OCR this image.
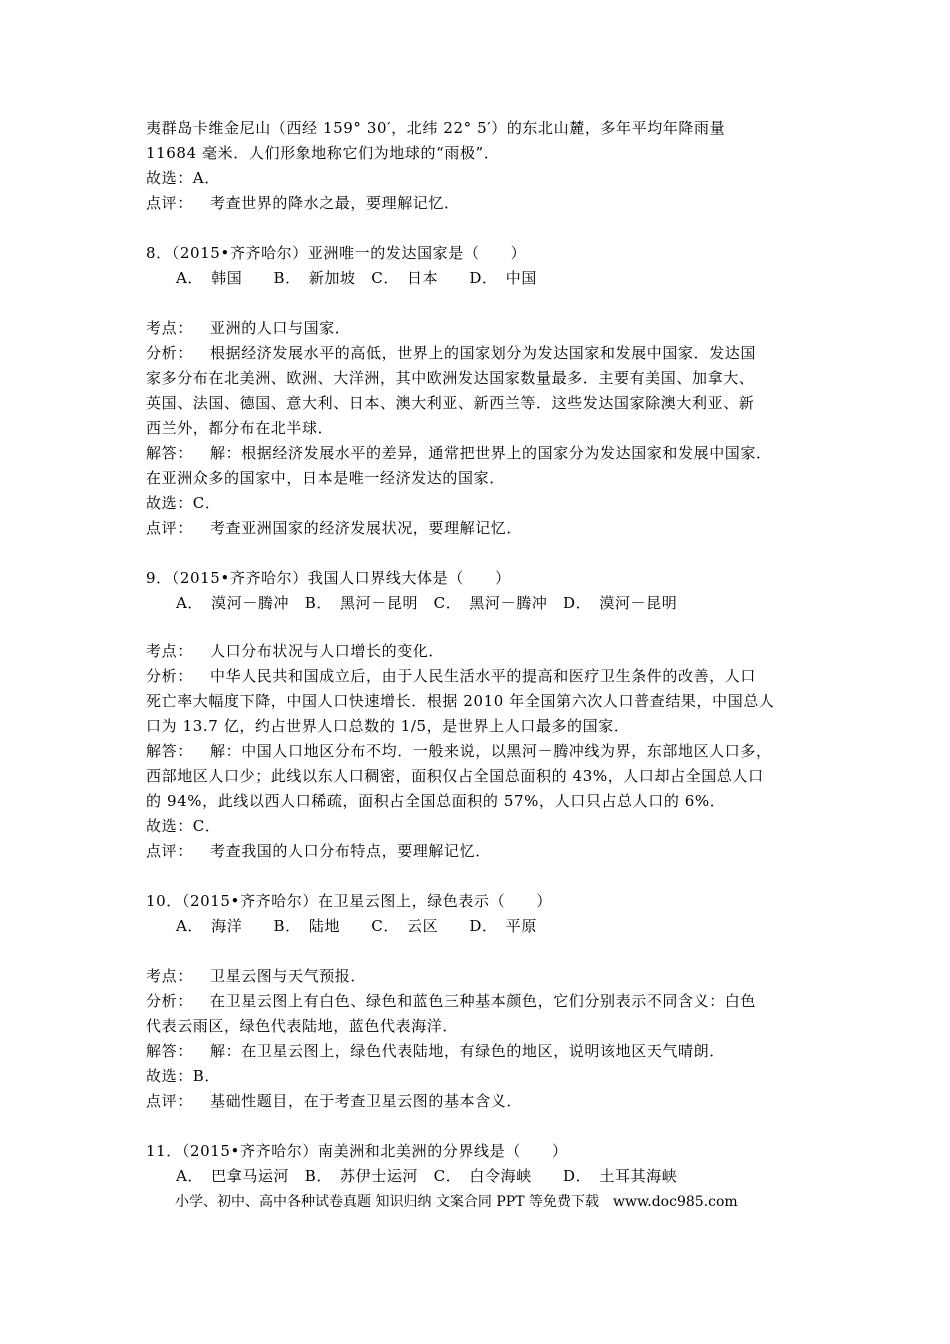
夷群岛卡维金尼山（西经 159° 30′，北纬 22° 5′）的东北山麓，多年平均年降雨量
11684 毫米．人们形象地称它们为地球的“雨极”．
故选：A．
点评： 考查世界的降水之最，要理解记忆．
8．（2015•齐齐哈尔）亚洲唯一的发达国家是（　　）
A．　韩国　　B．　新加坡　C．　日本　　D．　中国
考点： 亚洲的人口与国家．
分析： 根据经济发展水平的高低，世界上的国家划分为发达国家和发展中国家．发达国
家多分布在北美洲、欧洲、大洋洲，其中欧洲发达国家数量最多．主要有美国、加拿大、
英国、法国、德国、意大利、日本、澳大利亚、新西兰等．这些发达国家除澳大利亚、新
西兰外，都分布在北半球．
解答： 解：根据经济发展水平的差异，通常把世界上的国家分为发达国家和发展中国家．
在亚洲众多的国家中，日本是唯一经济发达的国家．
故选：C．
点评： 考查亚洲国家的经济发展状况，要理解记忆．
9．（2015•齐齐哈尔）我国人口界线大体是（　　）
A．　漠河－腾冲　B．　黑河－昆明　C．　黑河－腾冲　D．　漠河－昆明
考点： 人口分布状况与人口增长的变化．
分析： 中华人民共和国成立后，由于人民生活水平的提高和医疗卫生条件的改善，人口
死亡率大幅度下降，中国人口快速增长．根据 2010 年全国第六次人口普查结果，中国总人
口为 13.7 亿，约占世界人口总数的 1/5，是世界上人口最多的国家．
解答： 解：中国人口地区分布不均．一般来说，以黑河－腾冲线为界，东部地区人口多，
西部地区人口少；此线以东人口稠密，面积仅占全国总面积的 43%，人口却占全国总人口
的 94%，此线以西人口稀疏，面积占全国总面积的 57%，人口只占总人口的 6%．
故选：C．
点评： 考查我国的人口分布特点，要理解记忆．
10．（2015•齐齐哈尔）在卫星云图上，绿色表示（　　）
A．　海洋　　B．　陆地　　C．　云区　　D．　平原
考点： 卫星云图与天气预报．
分析： 在卫星云图上有白色、绿色和蓝色三种基本颜色，它们分别表示不同含义：白色
代表云雨区，绿色代表陆地，蓝色代表海洋．
解答： 解：在卫星云图上，绿色代表陆地，有绿色的地区，说明该地区天气晴朗．
故选：B．
点评： 基础性题目，在于考查卫星云图的基本含义．
11．（2015•齐齐哈尔）南美洲和北美洲的分界线是（　　）
A．　巴拿马运河　B．　苏伊士运河　C．　白令海峡　　D．　土耳其海峡
小学、初中、高中各种试卷真题 知识归纳 文案合同 PPT 等免费下载　www.doc985.com
